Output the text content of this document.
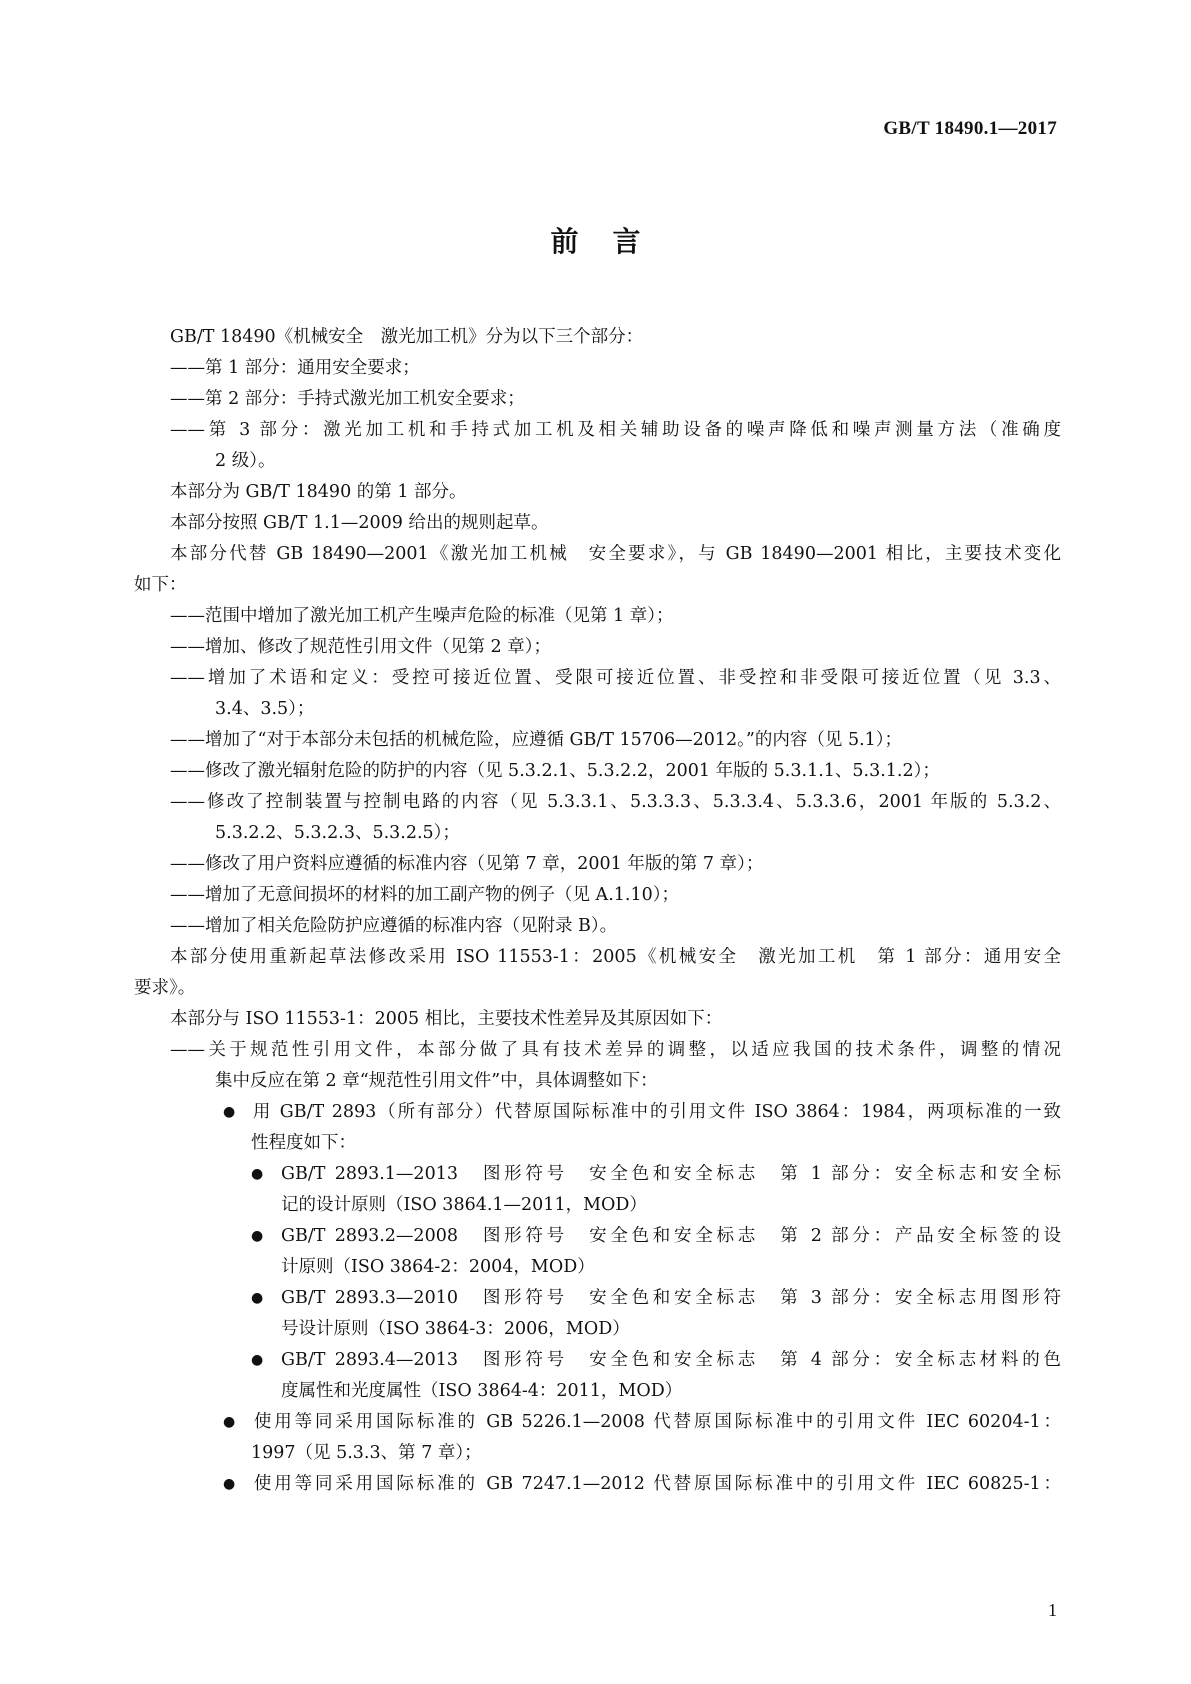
GB/T 18490.1—2017
前言
GB/T 18490《机械安全　激光加工机》分为以下三个部分：
——第 1 部分：通用安全要求；
——第 2 部分：手持式激光加工机安全要求；
——第 3 部分：激光加工机和手持式加工机及相关辅助设备的噪声降低和噪声测量方法（准确度
2 级）。
本部分为 GB/T 18490 的第 1 部分。
本部分按照 GB/T 1.1—2009 给出的规则起草。
本部分代替 GB 18490—2001《激光加工机械　安全要求》，与 GB 18490—2001 相比，主要技术变化
如下：
——范围中增加了激光加工机产生噪声危险的标准（见第 1 章）；
——增加、修改了规范性引用文件（见第 2 章）；
——增加了术语和定义：受控可接近位置、受限可接近位置、非受控和非受限可接近位置（见 3.3、
3.4、3.5）；
——增加了“对于本部分未包括的机械危险，应遵循 GB/T 15706—2012。”的内容（见 5.1）；
——修改了激光辐射危险的防护的内容（见 5.3.2.1、5.3.2.2，2001 年版的 5.3.1.1、5.3.1.2）；
——修改了控制装置与控制电路的内容（见 5.3.3.1、5.3.3.3、5.3.3.4、5.3.3.6，2001 年版的 5.3.2、
5.3.2.2、5.3.2.3、5.3.2.5）；
——修改了用户资料应遵循的标准内容（见第 7 章，2001 年版的第 7 章）；
——增加了无意间损坏的材料的加工副产物的例子（见 A.1.10）；
——增加了相关危险防护应遵循的标准内容（见附录 B）。
本部分使用重新起草法修改采用 ISO 11553-1：2005《机械安全　激光加工机　第 1 部分：通用安全
要求》。
本部分与 ISO 11553-1：2005 相比，主要技术性差异及其原因如下：
——关于规范性引用文件，本部分做了具有技术差异的调整，以适应我国的技术条件，调整的情况
集中反应在第 2 章“规范性引用文件”中，具体调整如下：
● 用 GB/T 2893（所有部分）代替原国际标准中的引用文件 ISO 3864：1984，两项标准的一致
性程度如下：
● GB/T 2893.1—2013　图形符号　安全色和安全标志　第 1 部分：安全标志和安全标
记的设计原则（ISO 3864.1—2011，MOD）
● GB/T 2893.2—2008　图形符号　安全色和安全标志　第 2 部分：产品安全标签的设
计原则（ISO 3864-2：2004，MOD）
● GB/T 2893.3—2010　图形符号　安全色和安全标志　第 3 部分：安全标志用图形符
号设计原则（ISO 3864-3：2006，MOD）
● GB/T 2893.4—2013　图形符号　安全色和安全标志　第 4 部分：安全标志材料的色
度属性和光度属性（ISO 3864-4：2011，MOD）
● 使用等同采用国际标准的 GB 5226.1—2008 代替原国际标准中的引用文件 IEC 60204-1：
1997（见 5.3.3、第 7 章）；
● 使用等同采用国际标准的 GB 7247.1—2012 代替原国际标准中的引用文件 IEC 60825-1：
1
